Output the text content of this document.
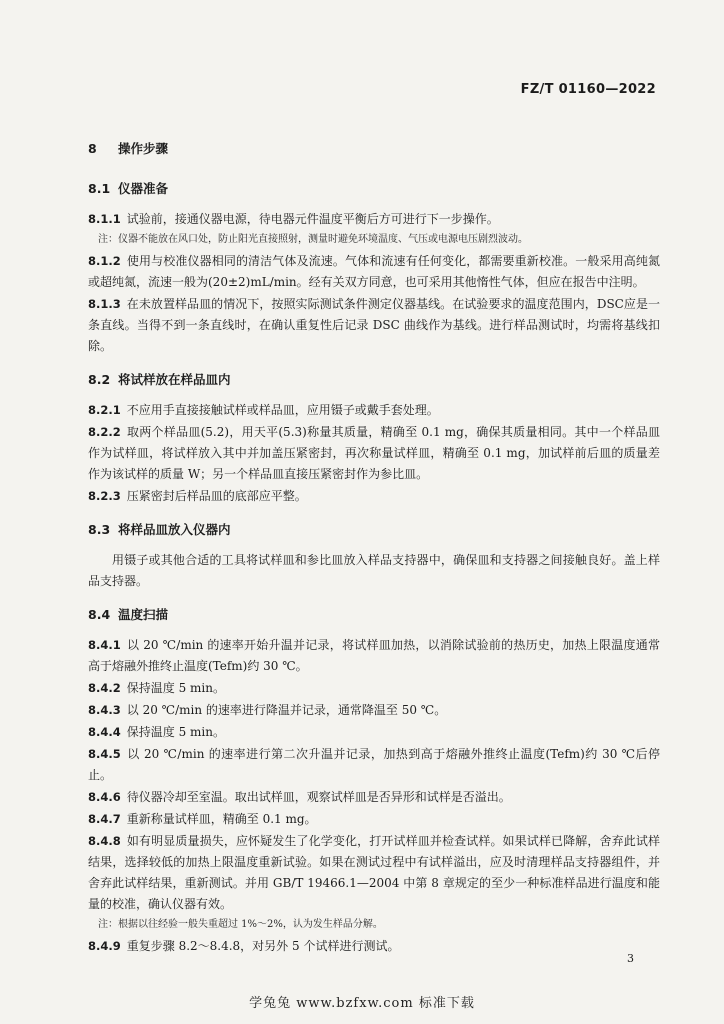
FZ/T 01160—2022
8 操作步骤
8.1 仪器准备
8.1.1 试验前，接通仪器电源，待电器元件温度平衡后方可进行下一步操作。
注：仪器不能放在风口处，防止阳光直接照射，测量时避免环境温度、气压或电源电压剧烈波动。
8.1.2 使用与校准仪器相同的清洁气体及流速。气体和流速有任何变化，都需要重新校准。一般采用高纯氮或超纯氮，流速一般为(20±2)mL/min。经有关双方同意，也可采用其他惰性气体，但应在报告中注明。
8.1.3 在未放置样品皿的情况下，按照实际测试条件测定仪器基线。在试验要求的温度范围内，DSC应是一条直线。当得不到一条直线时，在确认重复性后记录 DSC 曲线作为基线。进行样品测试时，均需将基线扣除。
8.2 将试样放在样品皿内
8.2.1 不应用手直接接触试样或样品皿，应用镊子或戴手套处理。
8.2.2 取两个样品皿(5.2)，用天平(5.3)称量其质量，精确至 0.1 mg，确保其质量相同。其中一个样品皿作为试样皿，将试样放入其中并加盖压紧密封，再次称量试样皿，精确至 0.1 mg，加试样前后皿的质量差作为该试样的质量 W；另一个样品皿直接压紧密封作为参比皿。
8.2.3 压紧密封后样品皿的底部应平整。
8.3 将样品皿放入仪器内
用镊子或其他合适的工具将试样皿和参比皿放入样品支持器中，确保皿和支持器之间接触良好。盖上样品支持器。
8.4 温度扫描
8.4.1 以 20 ℃/min 的速率开始升温并记录，将试样皿加热，以消除试验前的热历史，加热上限温度通常高于熔融外推终止温度(Tefm)约 30 ℃。
8.4.2 保持温度 5 min。
8.4.3 以 20 ℃/min 的速率进行降温并记录，通常降温至 50 ℃。
8.4.4 保持温度 5 min。
8.4.5 以 20 ℃/min 的速率进行第二次升温并记录，加热到高于熔融外推终止温度(Tefm)约 30 ℃后停止。
8.4.6 待仪器冷却至室温。取出试样皿，观察试样皿是否异形和试样是否溢出。
8.4.7 重新称量试样皿，精确至 0.1 mg。
8.4.8 如有明显质量损失，应怀疑发生了化学变化，打开试样皿并检查试样。如果试样已降解，舍弃此试样结果，选择较低的加热上限温度重新试验。如果在测试过程中有试样溢出，应及时清理样品支持器组件，并舍弃此试样结果，重新测试。并用 GB/T 19466.1—2004 中第 8 章规定的至少一种标准样品进行温度和能量的校准，确认仪器有效。
注：根据以往经验一般失重超过 1%～2%，认为发生样品分解。
8.4.9 重复步骤 8.2～8.4.8，对另外 5 个试样进行测试。
3
学兔兔 www.bzfxw.com 标准下载
